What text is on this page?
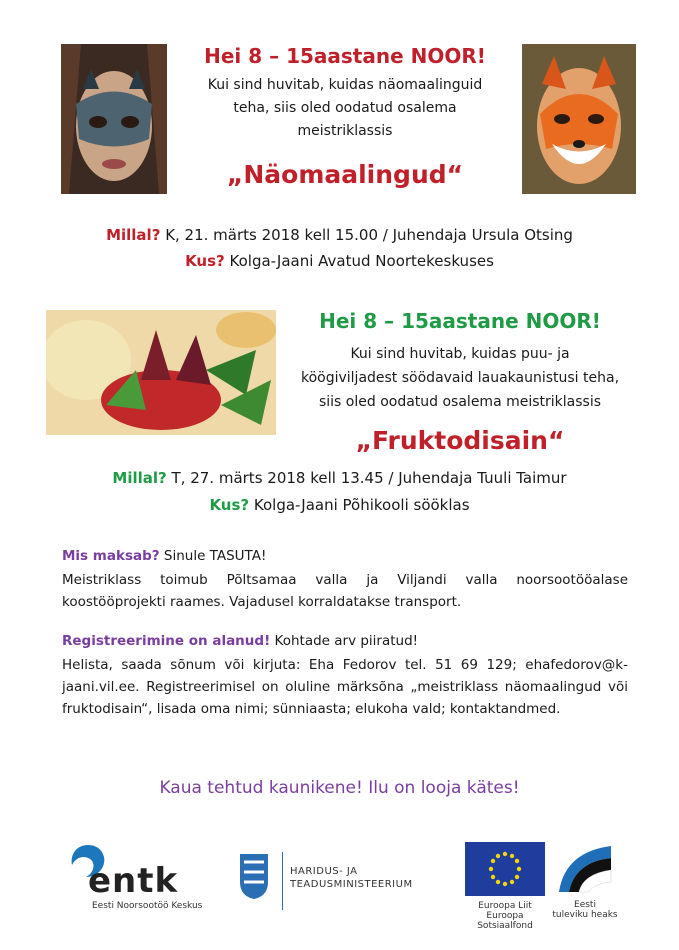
Hei 8 – 15aastane NOOR!
Kui sind huvitab, kuidas näomaalinguid
teha, siis oled oodatud osalema
meistriklassis
„Näomaalingud“
Millal? K, 21. märts 2018 kell 15.00 / Juhendaja Ursula Otsing
Kus? Kolga-Jaani Avatud Noortekeskuses
Hei 8 – 15aastane NOOR!
Kui sind huvitab, kuidas puu- ja
köögiviljadest söödavaid lauakaunistusi teha,
siis oled oodatud osalema meistriklassis
„Fruktodisain“
Millal? T, 27. märts 2018 kell 13.45 / Juhendaja Tuuli Taimur
Kus? Kolga-Jaani Põhikooli sööklas
Mis maksab? Sinule TASUTA!
Meistriklass toimub Põltsamaa valla ja Viljandi valla noorsootööalase koostööprojekti raames. Vajadusel korraldatakse transport.
Registreerimine on alanud! Kohtade arv piiratud!
Helista, saada sõnum või kirjuta: Eha Fedorov tel. 51 69 129; ehafedorov@k-jaani.vil.ee. Registreerimisel on oluline märksõna „meistriklass näomaalingud või fruktodisain“, lisada oma nimi; sünniaasta; elukoha vald; kontaktandmed.
Kaua tehtud kaunikene! Ilu on looja kätes!
entk
Eesti Noorsootöö Keskus
HARIDUS- JA
TEADUSMINISTEERIUM
Euroopa Liit
Euroopa Sotsiaalfond
Eesti
tuleviku heaks
